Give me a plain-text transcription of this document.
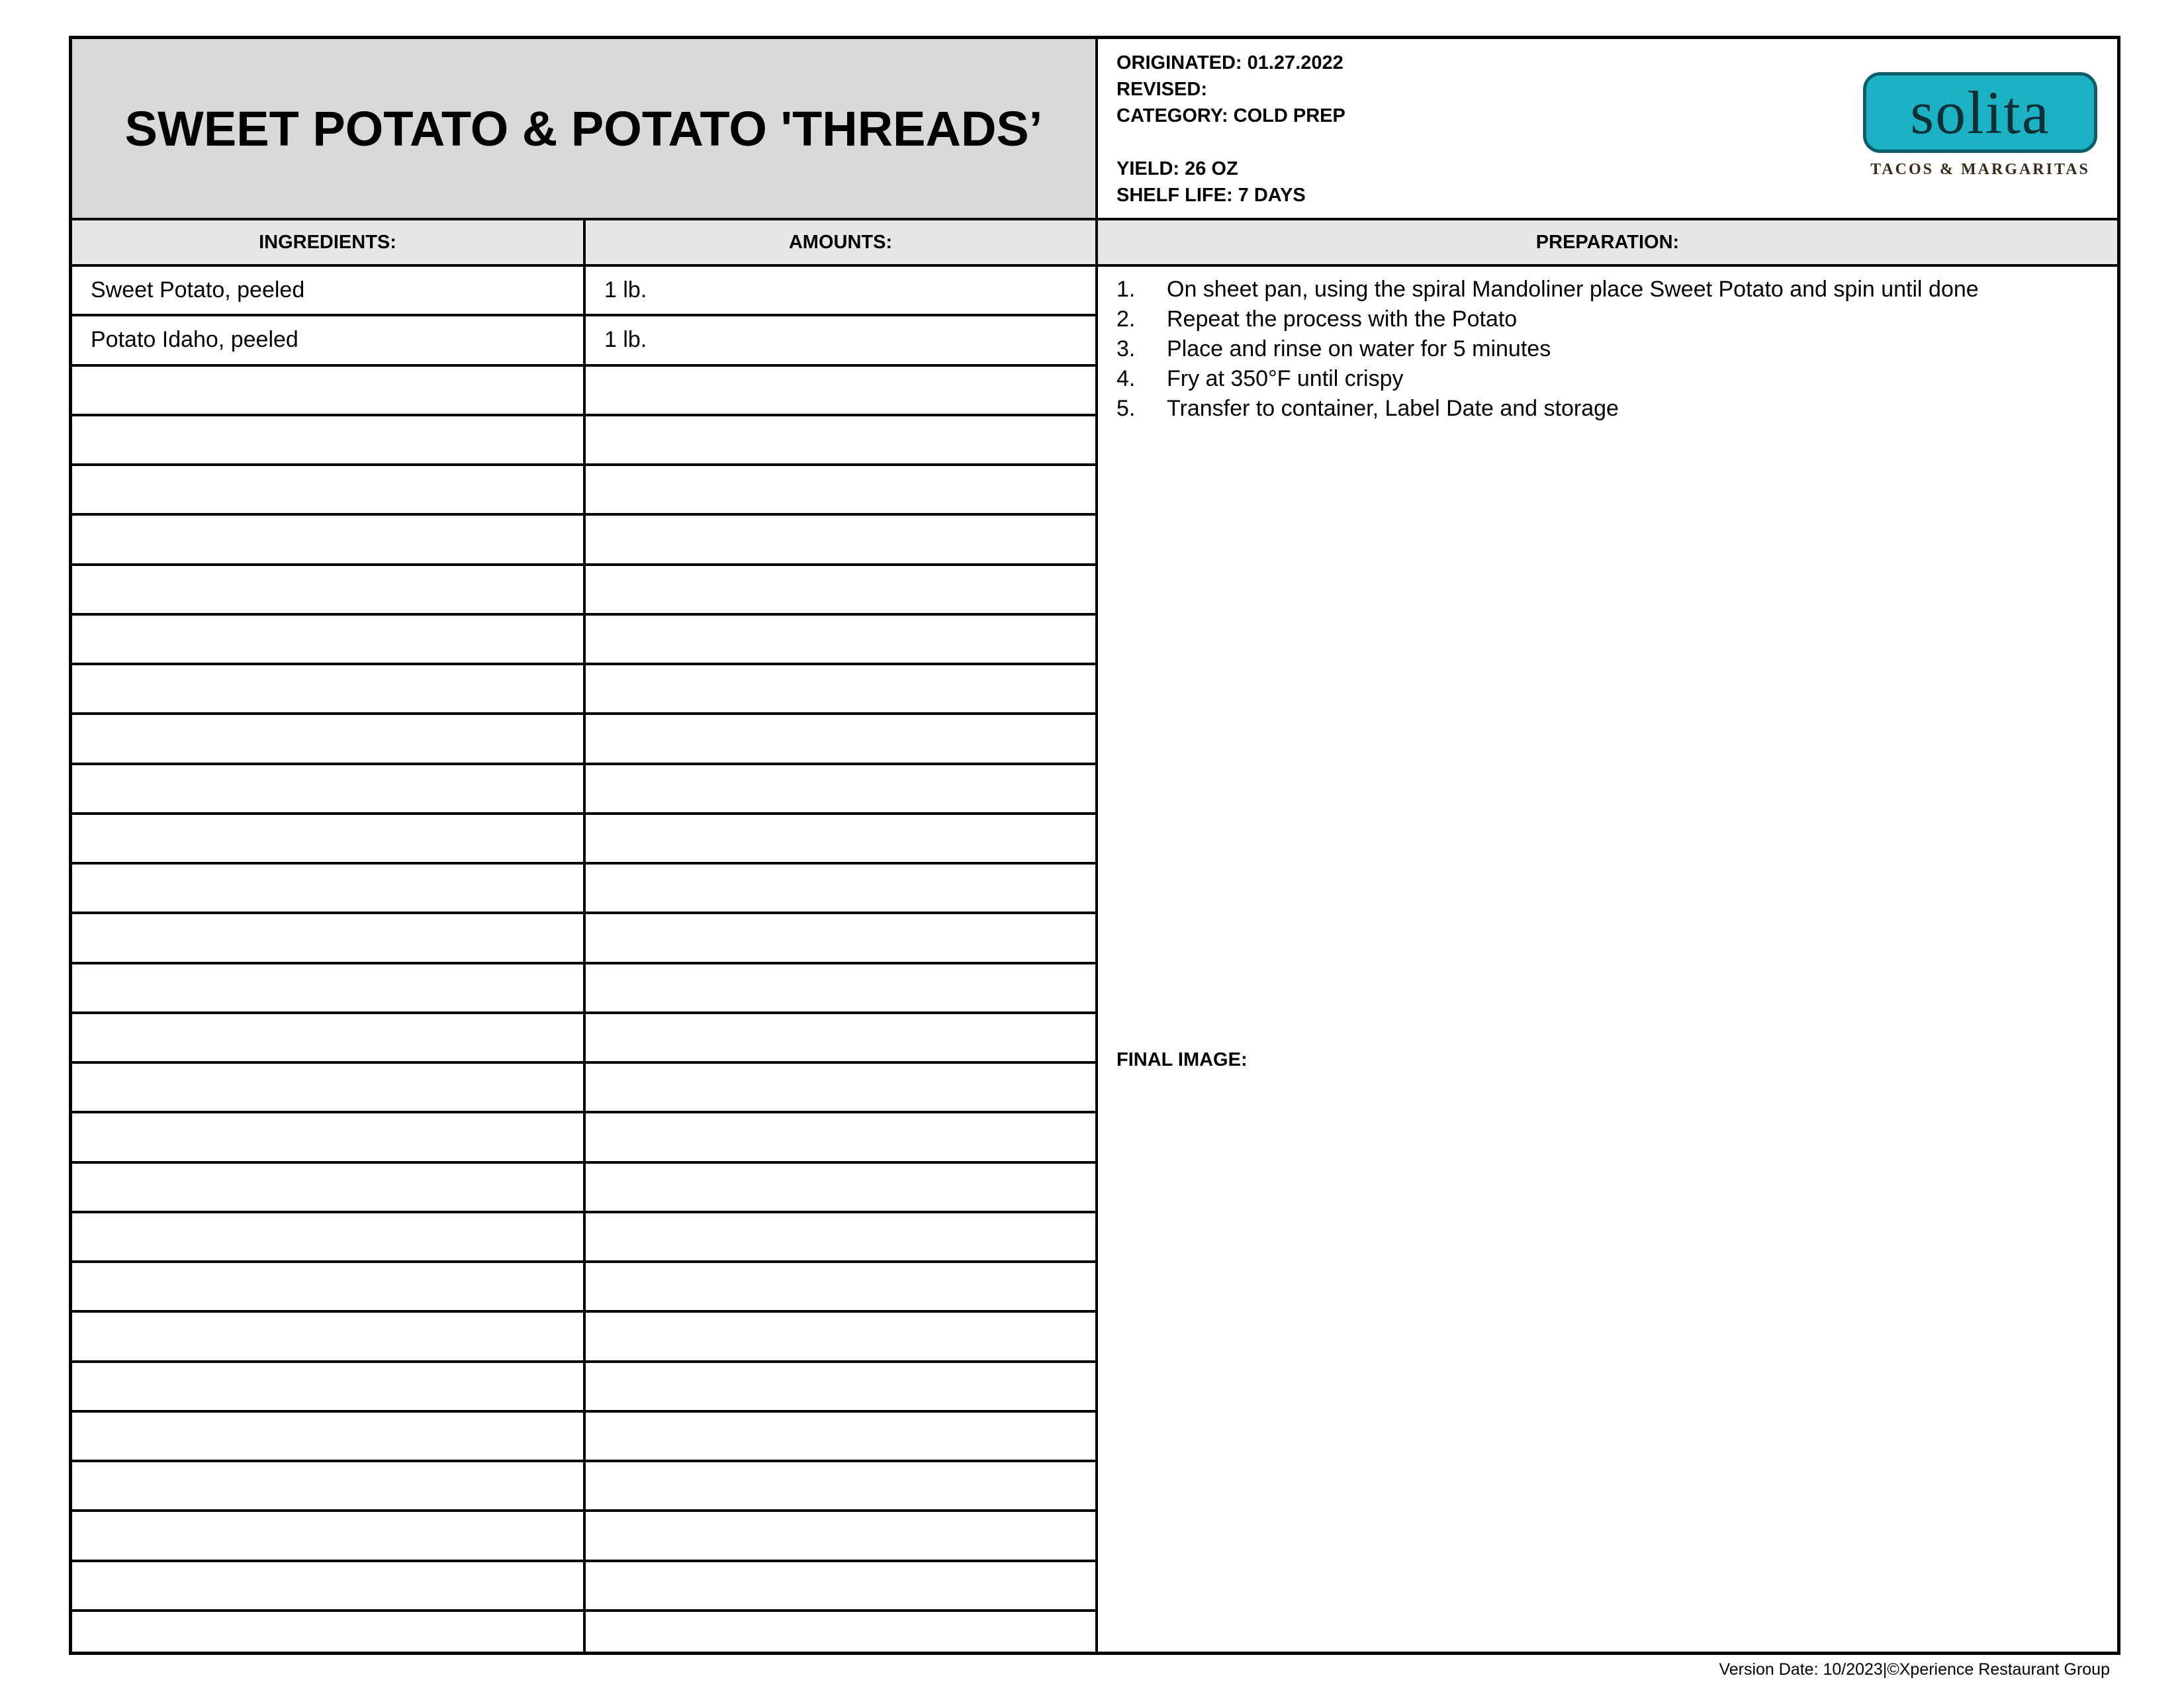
SWEET POTATO & POTATO 'THREADS’
ORIGINATED: 01.27.2022
REVISED:
CATEGORY: COLD PREP
YIELD: 26 OZ
SHELF LIFE: 7 DAYS
solita
TACOS & MARGARITAS
INGREDIENTS:	AMOUNTS:	PREPARATION:
Sweet Potato, peeled	1 lb.
Potato Idaho, peeled	1 lb.
1.	On sheet pan, using the spiral Mandoliner place Sweet Potato and spin until done
2.	Repeat the process with the Potato
3.	Place and rinse on water for 5 minutes
4.	Fry at 350°F until crispy
5.	Transfer to container, Label Date and storage
FINAL IMAGE:
Version Date: 10/2023|©Xperience Restaurant Group
